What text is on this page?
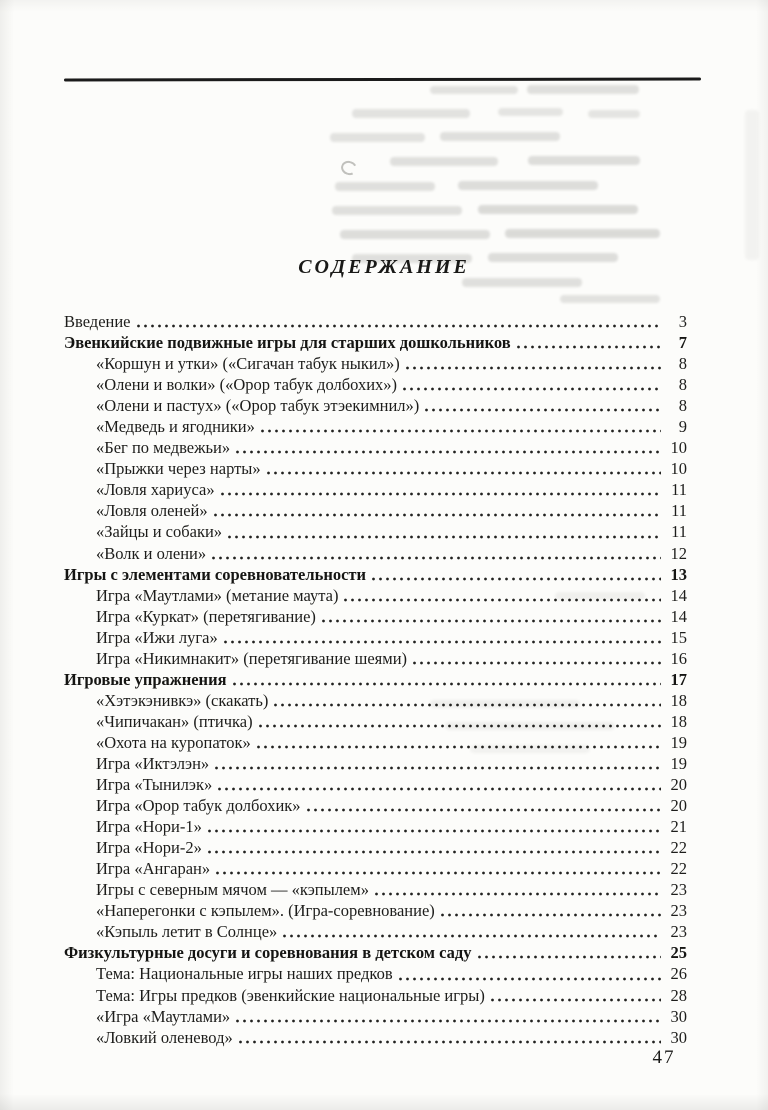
СОДЕРЖАНИЕ
Введение	3
Эвенкийские подвижные игры для старших дошкольников	7
«Коршун и утки» («Сигачан табук ныкил»)	8
«Олени и волки» («Орор табук долбохих»)	8
«Олени и пастух» («Орор табук этэекимнил»)	8
«Медведь и ягодники»	9
«Бег по медвежьи»	10
«Прыжки через нарты»	10
«Ловля хариуса»	11
«Ловля оленей»	11
«Зайцы и собаки»	11
«Волк и олени»	12
Игры с элементами соревновательности	13
Игра «Маутлами» (метание маута)	14
Игра «Куркат» (перетягивание)	14
Игра «Ижи луга»	15
Игра «Никимнакит» (перетягивание шеями)	16
Игровые упражнения	17
«Хэтэкэнивкэ» (скакать)	18
«Чипичакан» (птичка)	18
«Охота на куропаток»	19
Игра «Иктэлэн»	19
Игра «Тынилэк»	20
Игра «Орор табук долбохик»	20
Игра «Нори-1»	21
Игра «Нори-2»	22
Игра «Ангаран»	22
Игры с северным мячом — «кэпылем»	23
«Наперегонки с кэпылем». (Игра-соревнование)	23
«Кэпыль летит в Солнце»	23
Физкультурные досуги и соревнования в детском саду	25
Тема: Национальные игры наших предков	26
Тема: Игры предков (эвенкийские национальные игры)	28
«Игра «Маутлами»	30
«Ловкий оленевод»	30
47
